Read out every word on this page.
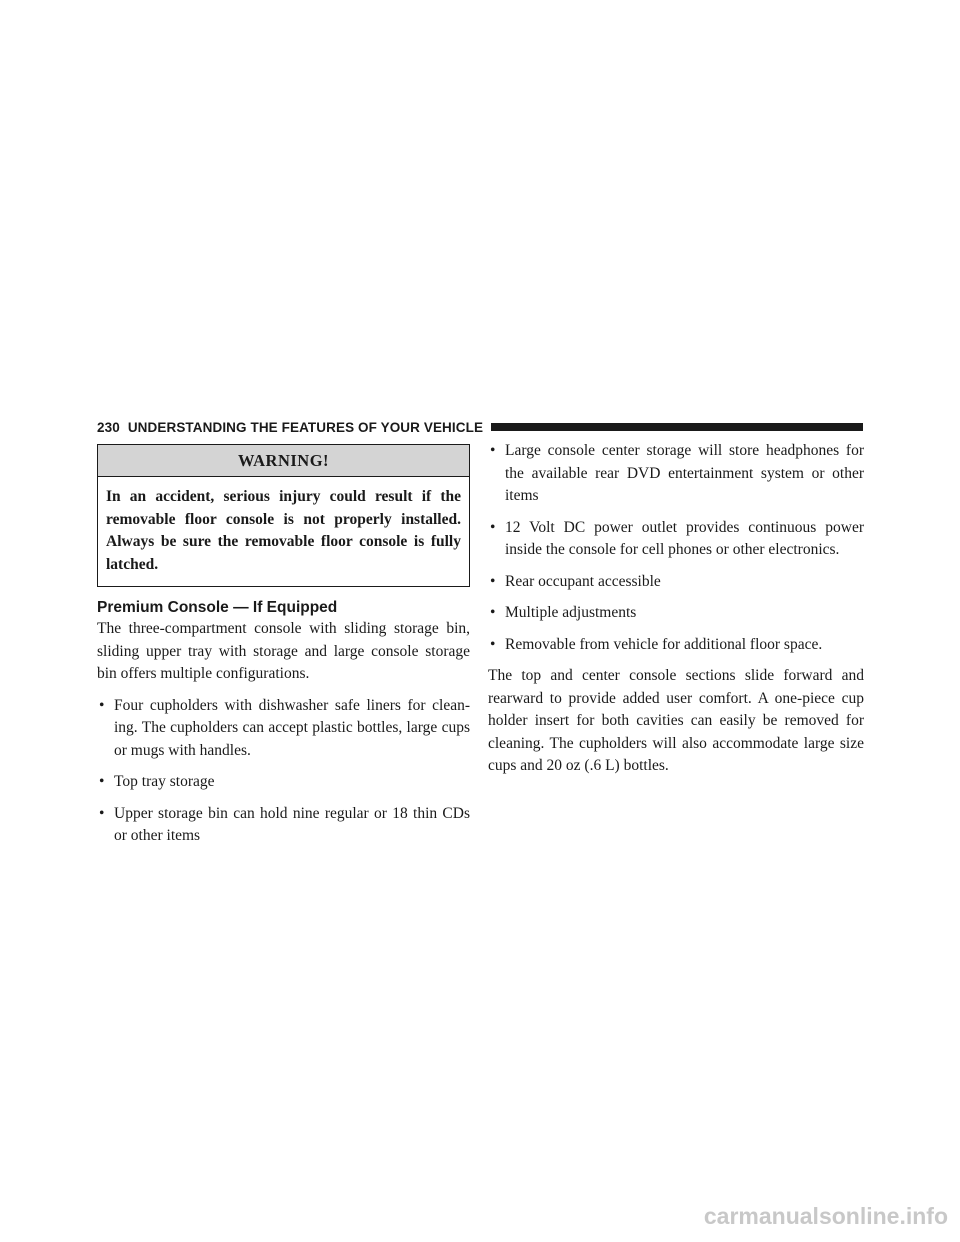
230 UNDERSTANDING THE FEATURES OF YOUR VEHICLE
WARNING!
In an accident, serious injury could result if the removable floor console is not properly installed. Always be sure the removable floor console is fully latched.
Premium Console — If Equipped

The three-compartment console with sliding storage bin, sliding upper tray with storage and large console storage bin offers multiple configurations.

• Four cupholders with dishwasher safe liners for clean-ing. The cupholders can accept plastic bottles, large cups or mugs with handles.
• Top tray storage
• Upper storage bin can hold nine regular or 18 thin CDs or other items
• Large console center storage will store headphones for the available rear DVD entertainment system or other items
• 12 Volt DC power outlet provides continuous power inside the console for cell phones or other electronics.
• Rear occupant accessible
• Multiple adjustments
• Removable from vehicle for additional floor space.

The top and center console sections slide forward and rearward to provide added user comfort. A one-piece cup holder insert for both cavities can easily be removed for cleaning. The cupholders will also accommodate large size cups and 20 oz (.6 L) bottles.

carmanualsonline.info
